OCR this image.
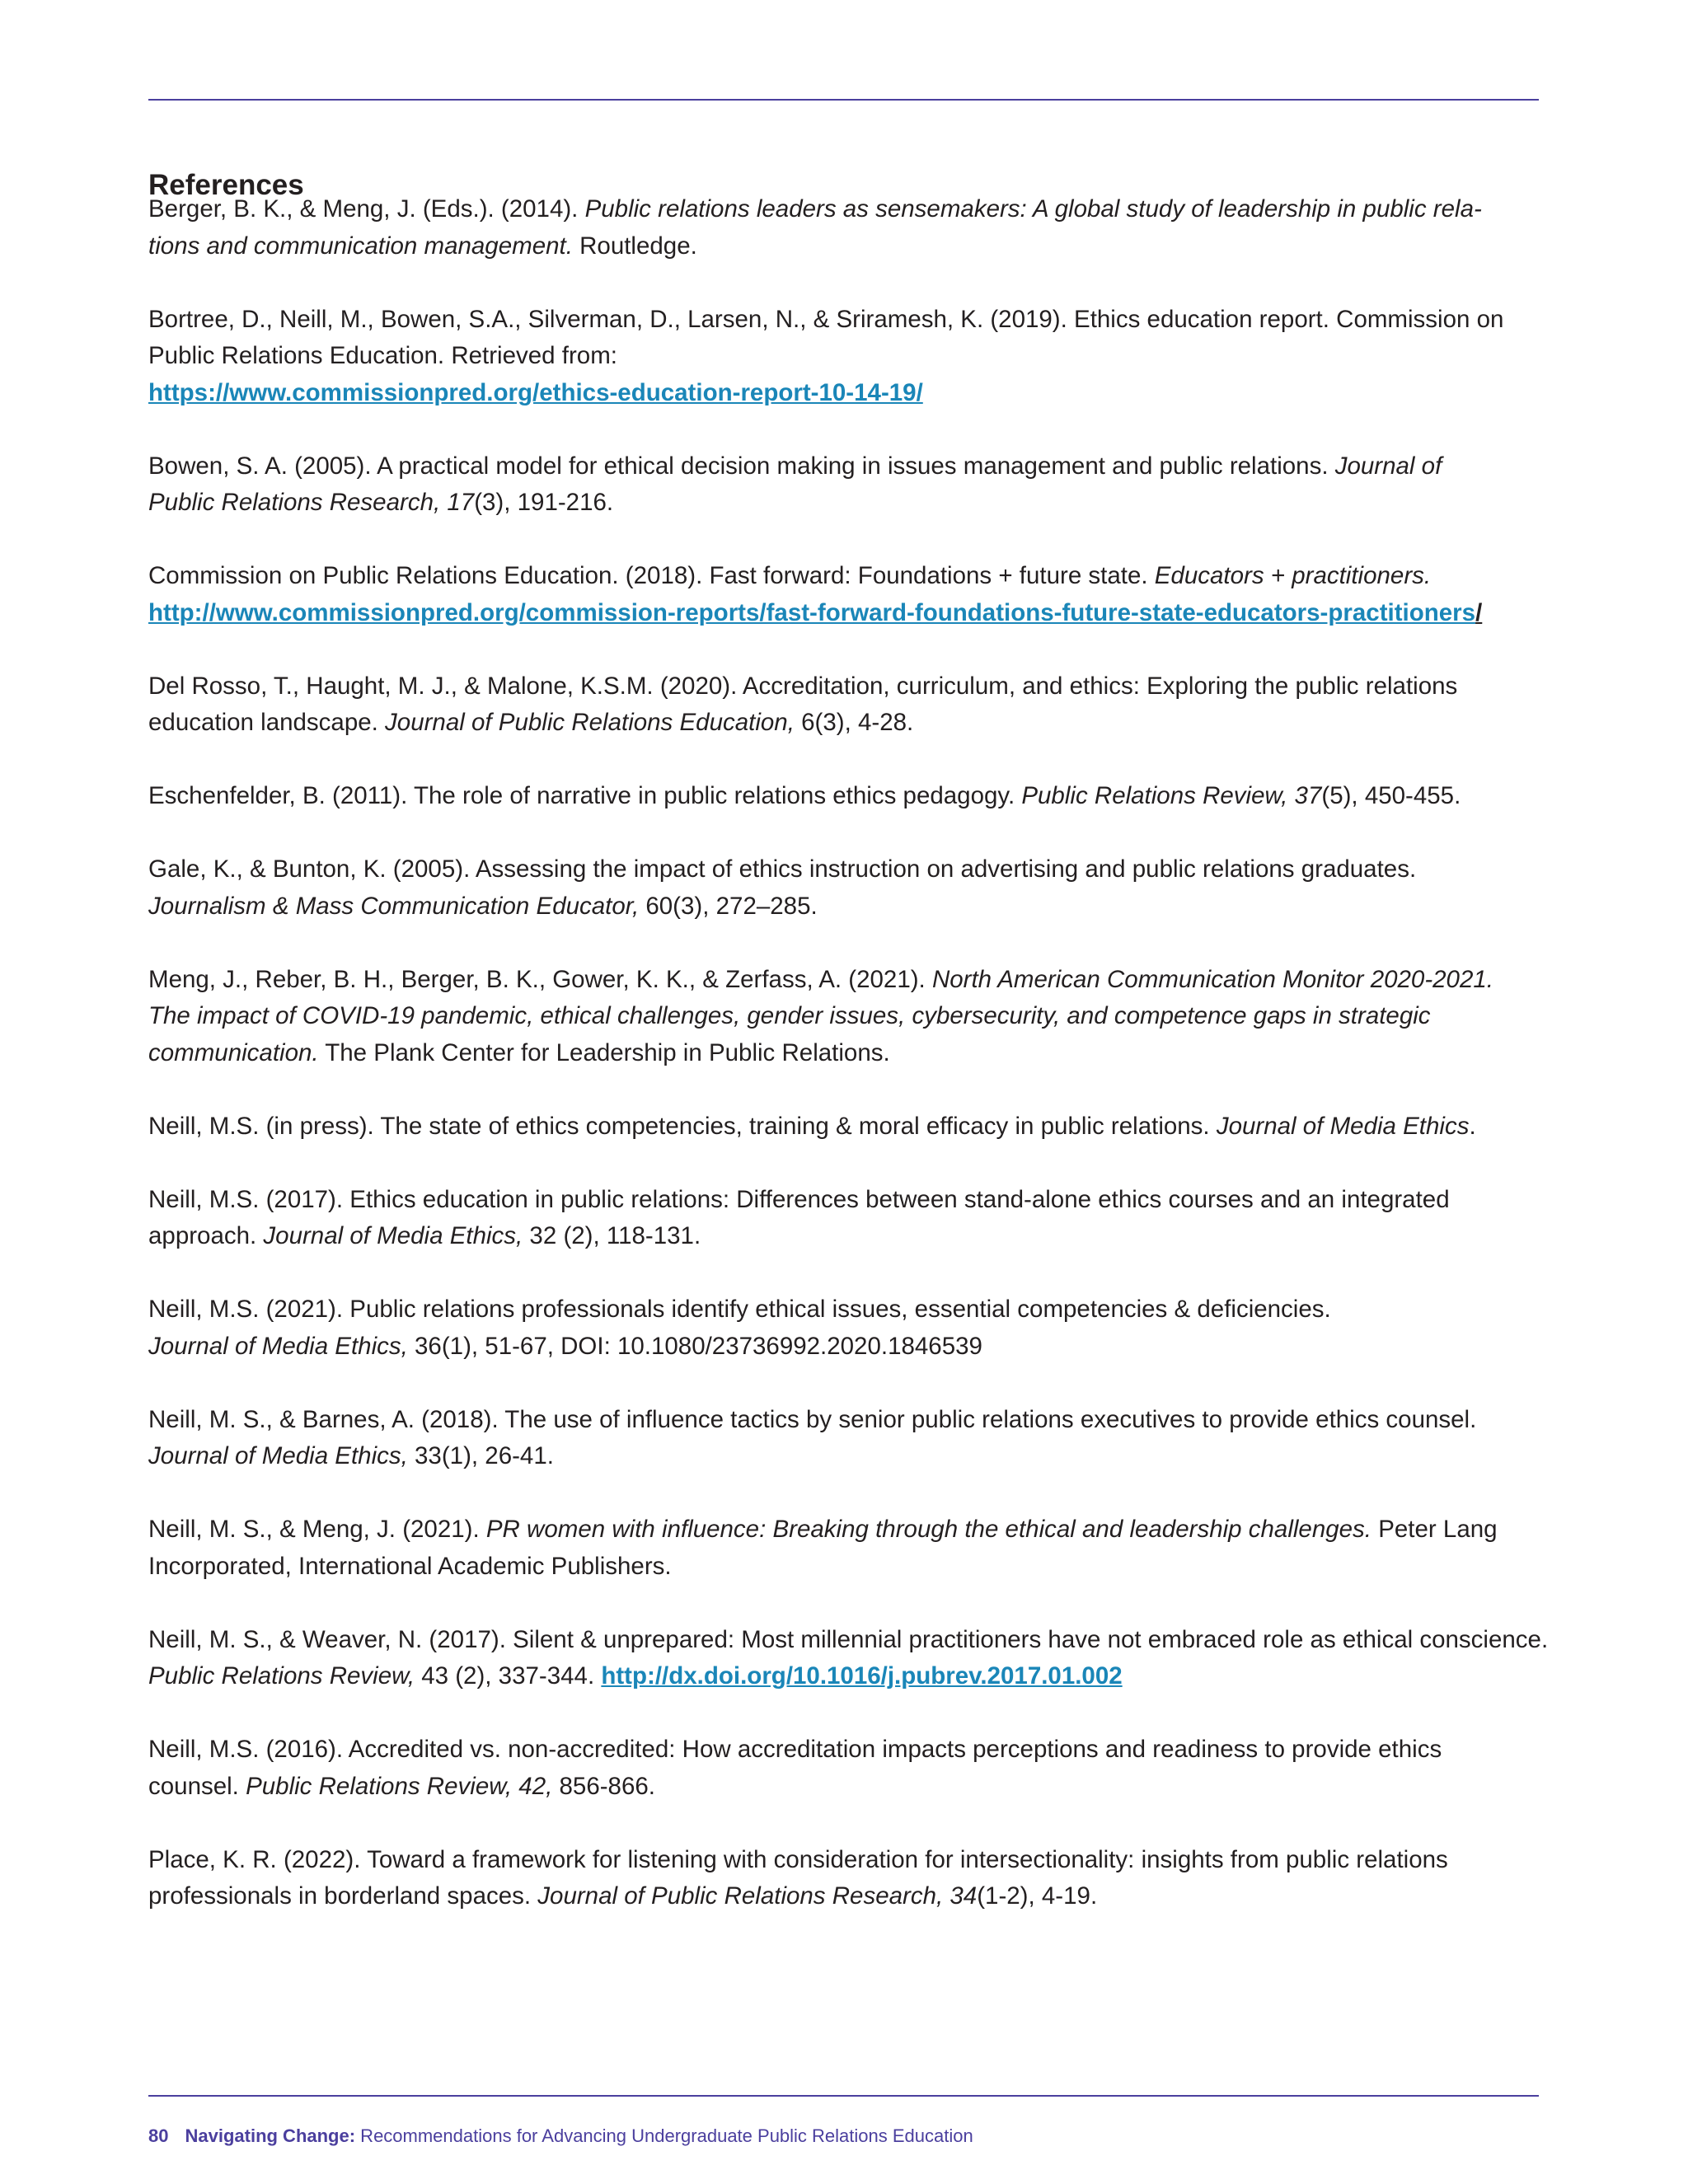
References

Berger, B. K., & Meng, J. (Eds.). (2014). Public relations leaders as sensemakers: A global study of leadership in public rela-
tions and communication management. Routledge.

Bortree, D., Neill, M., Bowen, S.A., Silverman, D., Larsen, N., & Sriramesh, K. (2019). Ethics education report. Commission on
Public Relations Education. Retrieved from:
https://www.commissionpred.org/ethics-education-report-10-14-19/

Bowen, S. A. (2005). A practical model for ethical decision making in issues management and public relations. Journal of
Public Relations Research, 17(3), 191-216.

Commission on Public Relations Education. (2018). Fast forward: Foundations + future state. Educators + practitioners.
http://www.commissionpred.org/commission-reports/fast-forward-foundations-future-state-educators-practitioners/

Del Rosso, T., Haught, M. J., & Malone, K.S.M. (2020). Accreditation, curriculum, and ethics: Exploring the public relations
education landscape. Journal of Public Relations Education, 6(3), 4-28.

Eschenfelder, B. (2011). The role of narrative in public relations ethics pedagogy. Public Relations Review, 37(5), 450-455.

Gale, K., & Bunton, K. (2005). Assessing the impact of ethics instruction on advertising and public relations graduates.
Journalism & Mass Communication Educator, 60(3), 272–285.

Meng, J., Reber, B. H., Berger, B. K., Gower, K. K., & Zerfass, A. (2021). North American Communication Monitor 2020-2021.
The impact of COVID-19 pandemic, ethical challenges, gender issues, cybersecurity, and competence gaps in strategic
communication. The Plank Center for Leadership in Public Relations.

Neill, M.S. (in press). The state of ethics competencies, training & moral efficacy in public relations. Journal of Media Ethics.

Neill, M.S. (2017). Ethics education in public relations: Differences between stand-alone ethics courses and an integrated
approach. Journal of Media Ethics, 32 (2), 118-131.

Neill, M.S. (2021). Public relations professionals identify ethical issues, essential competencies & deficiencies.
Journal of Media Ethics, 36(1), 51-67, DOI: 10.1080/23736992.2020.1846539

Neill, M. S., & Barnes, A. (2018). The use of influence tactics by senior public relations executives to provide ethics counsel.
Journal of Media Ethics, 33(1), 26-41.

Neill, M. S., & Meng, J. (2021). PR women with influence: Breaking through the ethical and leadership challenges. Peter Lang
Incorporated, International Academic Publishers.

Neill, M. S., & Weaver, N. (2017). Silent & unprepared: Most millennial practitioners have not embraced role as ethical conscience.
Public Relations Review, 43 (2), 337-344. http://dx.doi.org/10.1016/j.pubrev.2017.01.002

Neill, M.S. (2016). Accredited vs. non-accredited: How accreditation impacts perceptions and readiness to provide ethics
counsel. Public Relations Review, 42, 856-866.

Place, K. R. (2022). Toward a framework for listening with consideration for intersectionality: insights from public relations
professionals in borderland spaces. Journal of Public Relations Research, 34(1-2), 4-19.

80 Navigating Change: Recommendations for Advancing Undergraduate Public Relations Education
